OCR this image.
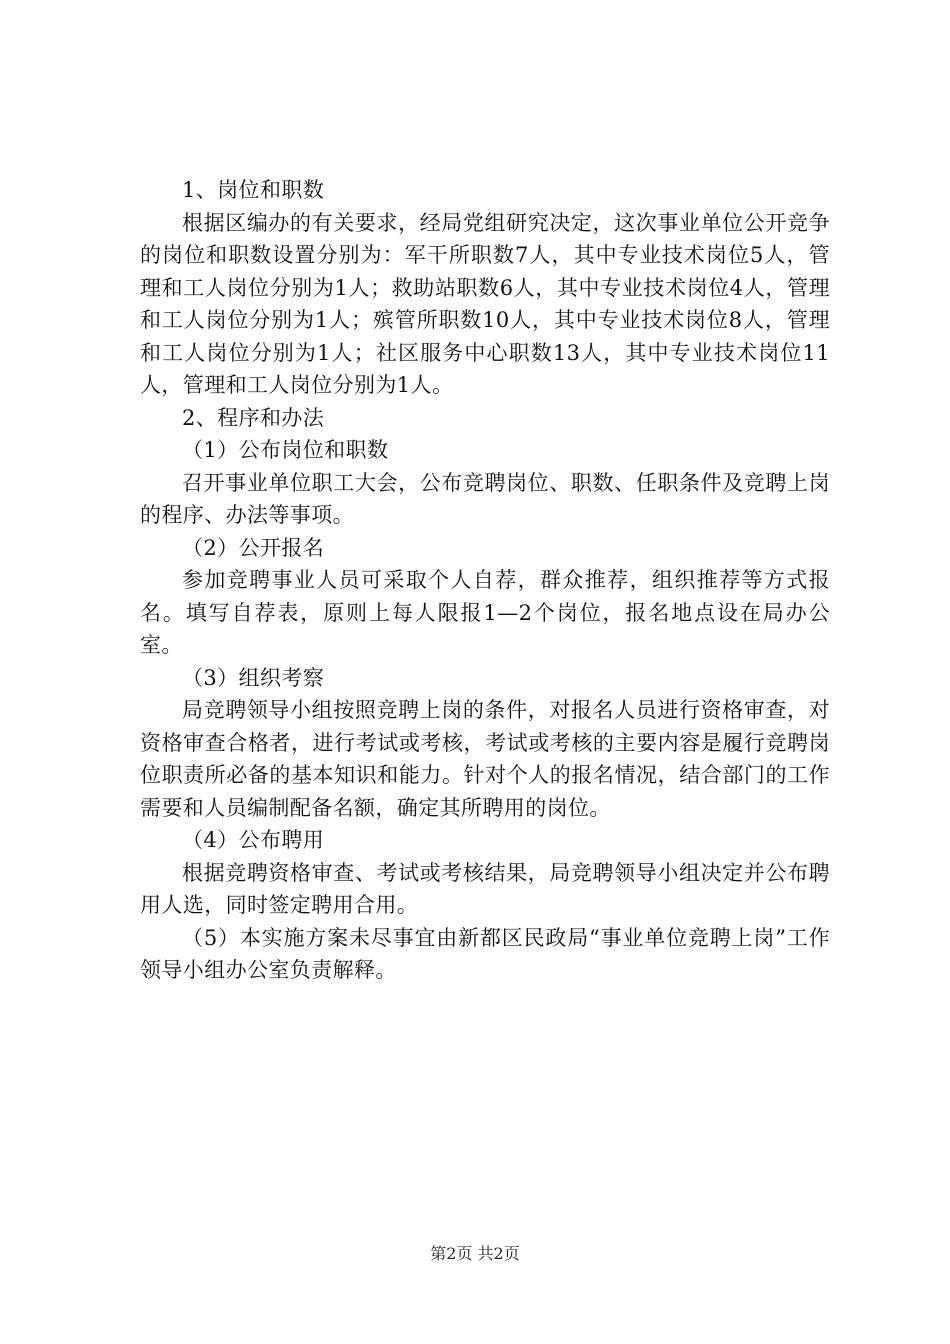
1、岗位和职数

根据区编办的有关要求，经局党组研究决定，这次事业单位公开竞争的岗位和职数设置分别为：军干所职数7人，其中专业技术岗位5人，管理和工人岗位分别为1人；救助站职数6人，其中专业技术岗位4人，管理和工人岗位分别为1人；殡管所职数10人，其中专业技术岗位8人，管理和工人岗位分别为1人；社区服务中心职数13人，其中专业技术岗位11人，管理和工人岗位分别为1人。

2、程序和办法

（1）公布岗位和职数

召开事业单位职工大会，公布竞聘岗位、职数、任职条件及竞聘上岗的程序、办法等事项。

（2）公开报名

参加竞聘事业人员可采取个人自荐，群众推荐，组织推荐等方式报名。填写自荐表，原则上每人限报1—2个岗位，报名地点设在局办公室。

（3）组织考察

局竞聘领导小组按照竞聘上岗的条件，对报名人员进行资格审查，对资格审查合格者，进行考试或考核，考试或考核的主要内容是履行竞聘岗位职责所必备的基本知识和能力。针对个人的报名情况，结合部门的工作需要和人员编制配备名额，确定其所聘用的岗位。

（4）公布聘用

根据竞聘资格审查、考试或考核结果，局竞聘领导小组决定并公布聘用人选，同时签定聘用合用。

（5）本实施方案未尽事宜由新都区民政局“事业单位竞聘上岗”工作领导小组办公室负责解释。

第2页 共2页
